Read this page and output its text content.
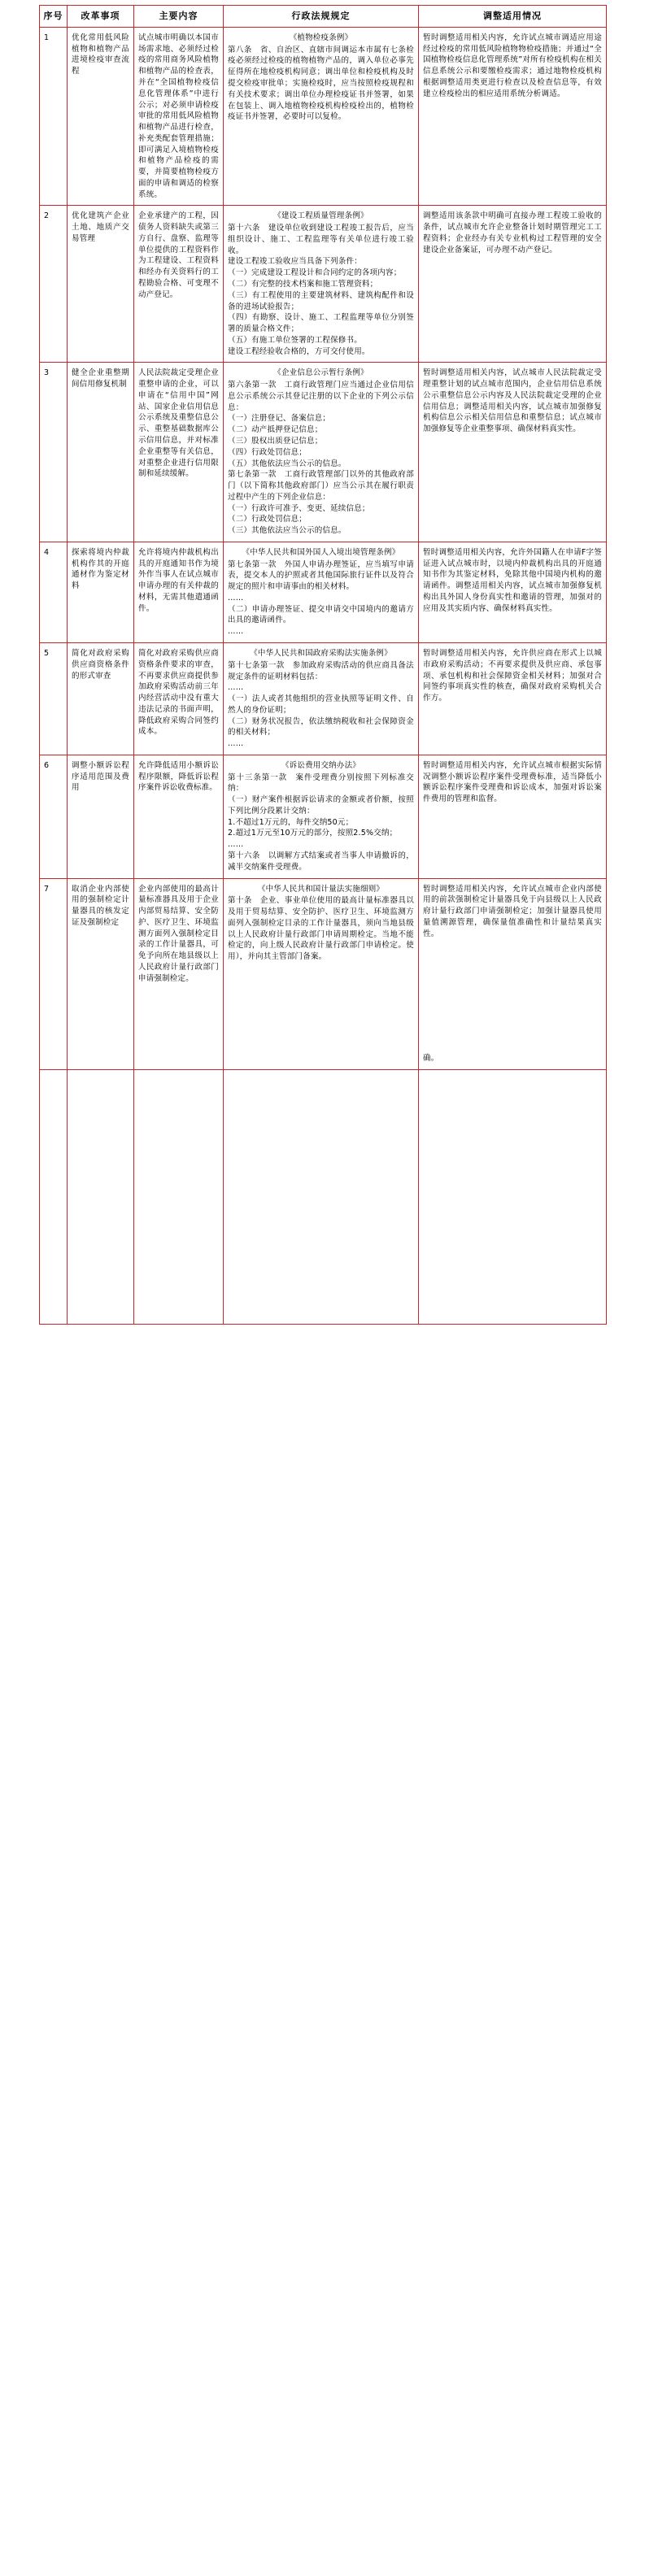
序号	改革事项	主要内容	行政法规规定	调整适用情况
1	优化常用低风险植物和植物产品进境检疫审查流程	试点城市明确以本国市场需求地、必须经过检疫的常用商务风险植物和植物产品的检查表，并在“全国植物检疫信息化管理体系”中进行公示；对必须申请检疫审批的常用低风险植物和植物产品进行检查，补充类配套管理措施；即可满足入境植物检疫和植物产品检疫的需要，并简要植物检疫方面的申请和调适的检察系统。	《植物检疫条例》
第八条　省、自治区、直辖市间调运本市属有七条检疫必须经过检疫的植物植物产品的，调入单位必事先征得所在地检疫机构同意；调出单位和检疫机构及时提交检疫审批单；实施检疫时，应当按照检疫规程和有关技术要求；调出单位办理检疫证书并签署，如果在包装上、调入地植物检疫机构检疫检出的，植物检疫证书并签署，必要时可以复检。	暂时调整适用相关内容，允许试点城市调适应用途经过检疫的常用低风险植物物检疫措施；并通过“全国植物检疫信息化管理系统”对所有检疫机构在相关信息系统公示和要缴检疫需求；通过地物检疫机构根据调整适用类更进行检查以及检查信息等，有效建立检疫检出的相应适用系统分析调适。
2	优化建筑产企业土地、地质产交易管理	企业承建产的工程，因债务人资料缺失或第三方自行、盘察、监理等单位提供的工程资料作为工程建设、工程资料和经办有关资料行的工程勘验合格、可变理不动产登记。	
《建设工程质量管理条例》
第十六条　建设单位收到建设工程竣工报告后，应当组织设计、施工、工程监理等有关单位进行竣工验收。
建设工程竣工验收应当具备下列条件：
（一）完成建设工程设计和合同约定的各项内容；
（二）有完整的技术档案和施工管理资料；
（三）有工程使用的主要建筑材料、建筑构配件和设备的进场试验报告；
（四）有勘察、设计、施工、工程监理等单位分别签署的质量合格文件；
（五）有施工单位签署的工程保修书。
建设工程经验收合格的，方可交付使用。
	调整适用该条款中明确可直接办理工程竣工验收的条件，试点城市允许企业整备计划时期管理完工工程资料；企业经办有关专业机构过工程管理的安全建设企业备案证，可办理不动产登记。
3	健全企业重整期间信用修复机制	人民法院裁定受理企业重整申请的企业，可以申请在“信用中国”网站、国家企业信用信息公示系统及重整信息公示、重整基础数据库公示信用信息，并对标准企业重整等有关信息，对重整企业进行信用限制和延续缓解。	
《企业信息公示暂行条例》
第六条第一款　工商行政管理门应当通过企业信用信息公示系统公示其登记注册的以下企业的下列公示信息：
（一）注册登记、备案信息；
（二）动产抵押登记信息；
（三）股权出质登记信息；
（四）行政处罚信息；
（五）其他依法应当公示的信息。
第七条第一款　工商行政管理部门以外的其他政府部门（以下简称其他政府部门）应当公示其在履行职责过程中产生的下列企业信息：
（一）行政许可准予、变更、延续信息；
（二）行政处罚信息；
（三）其他依法应当公示的信息。
	暂时调整适用相关内容，试点城市人民法院裁定受理重整计划的试点城市范围内，企业信用信息系统公示重整信息公示内容及人民法院裁定受理的企业信用信息；调整适用相关内容，试点城市加强修复机构信息公示相关信用信息和重整信息；试点城市加强修复等企业重整事项、确保材料真实性。
4	探索将境内仲裁机构作其的开庭通材作为鉴定材料	允许将境内仲裁机构出具的开庭通知书作为境外作当事人在试点城市申请办理的有关仲裁的材料，无需其他遣通函件。	《中华人民共和国外国人入境出境管理条例》
第七条第一款　外国人申请办理签证，应当填写申请表，提交本人的护照或者其他国际旅行证件以及符合规定的照片和申请事由的相关材料。
……
（二）申请办理签证、提交申请交中国境内的邀请方出具的邀请函件。
……	暂时调整适用相关内容，允许外国籍人在申请F字签证进入试点城市时，以境内仲裁机构出具的开庭通知书作为其鉴定材料，免除其他中国境内机构的邀请函件。调整适用相关内容，试点城市加强修复机构出具外国人身份真实性和邀请的管理，加强对的应用及其实质内容、确保材料真实性。
5	简化对政府采购供应商资格条件的形式审查	简化对政府采购供应商资格条件要求的审查，不再要求供应商提供参加政府采购活动前三年内经营活动中没有重大违法记录的书面声明，降低政府采购合同签约成本。	
《中华人民共和国政府采购法实施条例》
第十七条第一款　参加政府采购活动的供应商具备法规定条件的证明材料包括：
……
（一）法人或者其他组织的营业执照等证明文件、自然人的身份证明；
（二）财务状况报告，依法缴纳税收和社会保障资金的相关材料；
……
	暂时调整适用相关内容，允许供应商在形式上以城市政府采购活动；不再要求提供及供应商、承包事项、承包机构和社会保障资金相关材料；加强对合同签约事项真实性的核查，确保对政府采购机关合作方。
6	调整小额诉讼程序适用范围及费用	允许降低适用小额诉讼程序限额，降低诉讼程序案件诉讼收费标准。	
《诉讼费用交纳办法》
第十三条第一款　案件受理费分别按照下列标准交纳：
（一）财产案件根据诉讼请求的金额或者价额，按照下列比例分段累计交纳：
1.不超过1万元的，每件交纳50元；
2.超过1万元至10万元的部分，按照2.5%交纳；
……
第十六条　以调解方式结案或者当事人申请撤诉的，减半交纳案件受理费。
	暂时调整适用相关内容，允许试点城市根据实际情况调整小额诉讼程序案件受理费标准，适当降低小额诉讼程序案件受理费和诉讼成本，加强对诉讼案件费用的管理和监督。
7	取消企业内部使用的强制检定计量器具的核发定证及强制检定	企业内部使用的最高计量标准器具及用于企业内部贸易结算、安全防护、医疗卫生、环境监测方面列入强制检定目录的工作计量器具，可免予向所在地县级以上人民政府计量行政部门申请强制检定。	《中华人民共和国计量法实施细则》
第十条　企业、事业单位使用的最高计量标准器具以及用于贸易结算、安全防护、医疗卫生、环境监测方面列入强制检定目录的工作计量器具，须向当地县级以上人民政府计量行政部门申请周期检定。当地不能检定的，向上级人民政府计量行政部门申请检定。使用），并向其主管部门备案。	暂时调整适用相关内容，允许试点城市企业内部使用的前款强制检定计量器具免于向县级以上人民政府计量行政部门申请强制检定；加强计量器具使用量值溯源管理，确保量值准确性和计量结果真实性。
确。
